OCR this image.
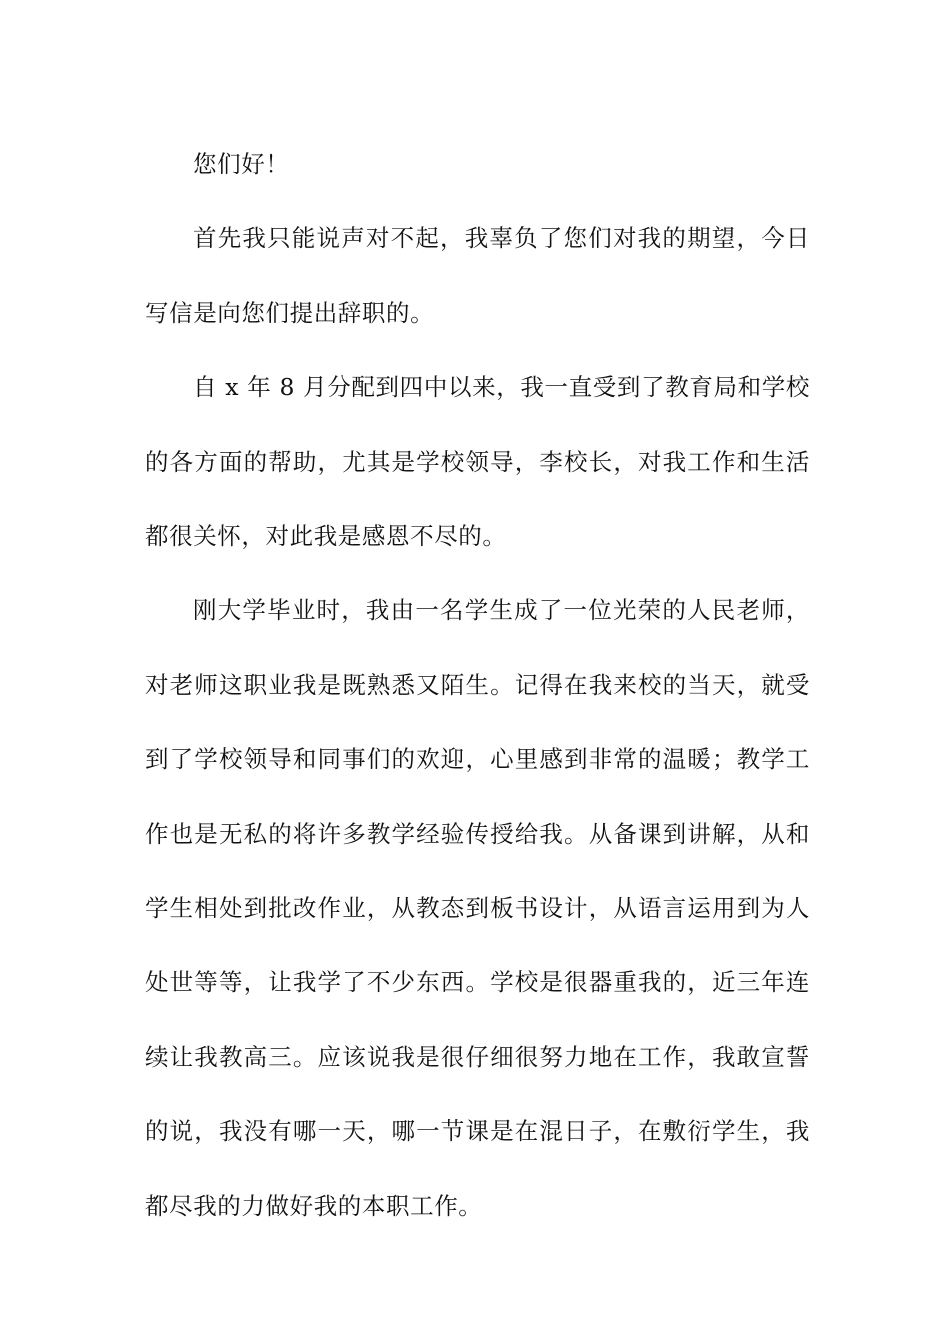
您们好！

首先我只能说声对不起，我辜负了您们对我的期望，今日写信是向您们提出辞职的。

自 x 年 8 月分配到四中以来，我一直受到了教育局和学校的各方面的帮助，尤其是学校领导，李校长，对我工作和生活都很关怀，对此我是感恩不尽的。

刚大学毕业时，我由一名学生成了一位光荣的人民老师，对老师这职业我是既熟悉又陌生。记得在我来校的当天，就受到了学校领导和同事们的欢迎，心里感到非常的温暖；教学工作也是无私的将许多教学经验传授给我。从备课到讲解，从和学生相处到批改作业，从教态到板书设计，从语言运用到为人处世等等，让我学了不少东西。学校是很器重我的，近三年连续让我教高三。应该说我是很仔细很努力地在工作，我敢宣誓的说，我没有哪一天，哪一节课是在混日子，在敷衍学生，我都尽我的力做好我的本职工作。
